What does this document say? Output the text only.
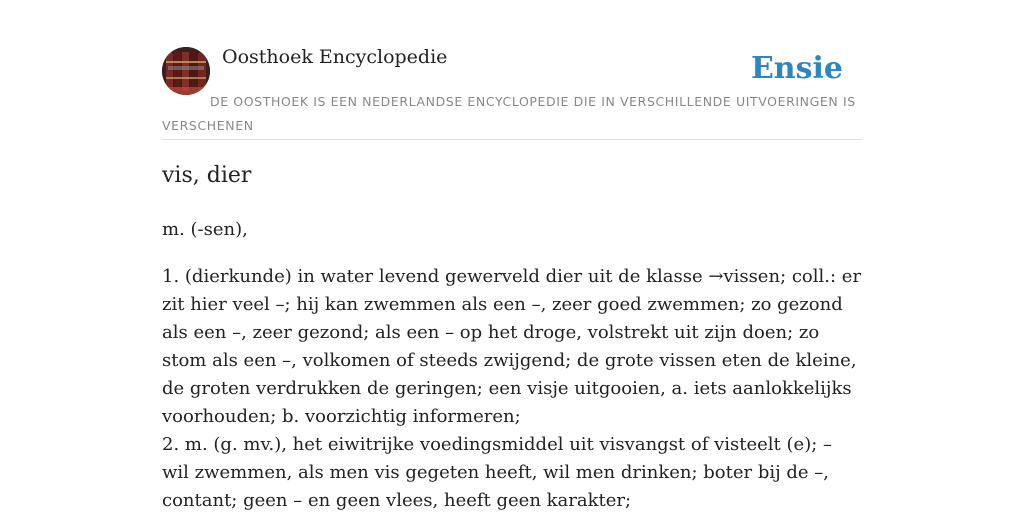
Oosthoek Encyclopedie	Ensie
DE OOSTHOEK IS EEN NEDERLANDSE ENCYCLOPEDIE DIE IN VERSCHILLENDE UITVOERINGEN IS VERSCHENEN
vis, dier

m. (-sen),

1. (dierkunde) in water levend gewerveld dier uit de klasse →vissen; coll.: er zit hier veel –; hij kan zwemmen als een –, zeer goed zwemmen; zo gezond als een –, zeer gezond; als een – op het droge, volstrekt uit zijn doen; zo stom als een –, volkomen of steeds zwijgend; de grote vissen eten de kleine, de groten verdrukken de geringen; een visje uitgooien, a. iets aanlokkelijks voorhouden; b. voorzichtig informeren;

2. m. (g. mv.), het eiwitrijke voedingsmiddel uit visvangst of visteelt (e); – wil zwemmen, als men vis gegeten heeft, wil men drinken; boter bij de –, contant; geen – en geen vlees, heeft geen karakter;
